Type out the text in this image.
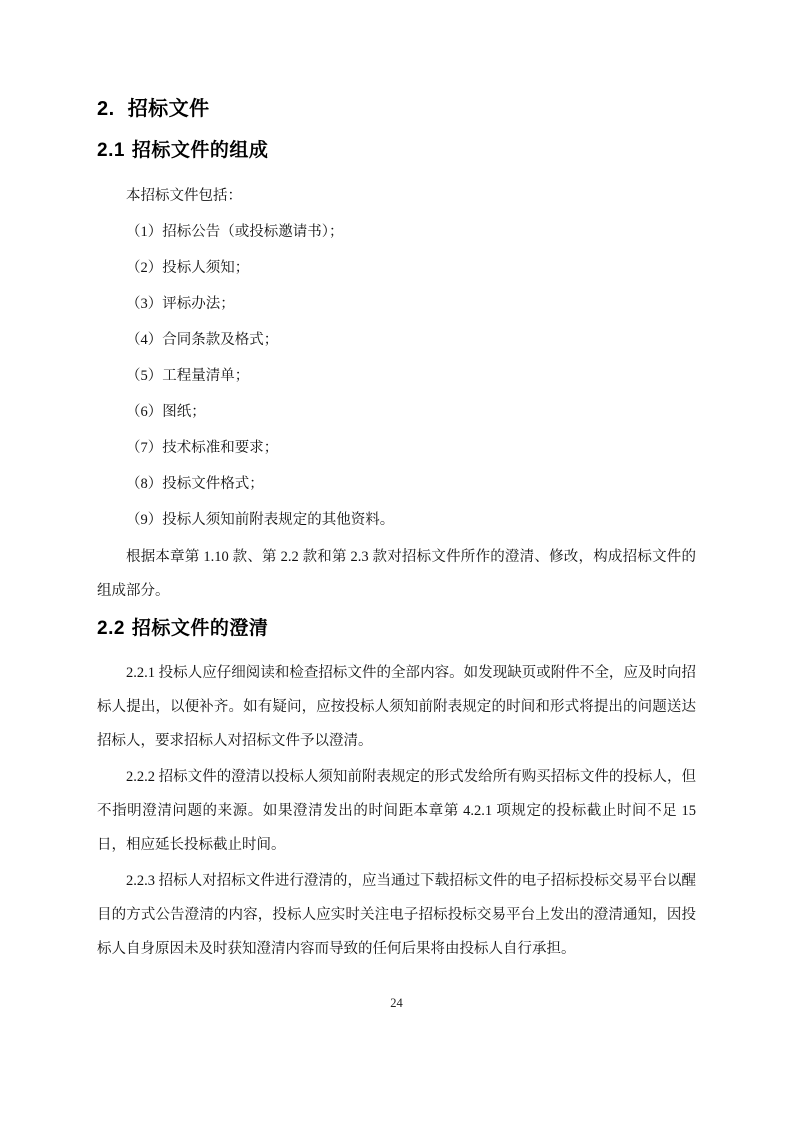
2. 招标文件
2.1 招标文件的组成

本招标文件包括：

（1）招标公告（或投标邀请书）；

（2）投标人须知；

（3）评标办法；

（4）合同条款及格式；

（5）工程量清单；

（6）图纸；

（7）技术标准和要求；

（8）投标文件格式；

（9）投标人须知前附表规定的其他资料。

根据本章第 1.10 款、第 2.2 款和第 2.3 款对招标文件所作的澄清、修改，构成招标文件的组成部分。

2.2 招标文件的澄清

2.2.1 投标人应仔细阅读和检查招标文件的全部内容。如发现缺页或附件不全，应及时向招标人提出，以便补齐。如有疑问，应按投标人须知前附表规定的时间和形式将提出的问题送达招标人，要求招标人对招标文件予以澄清。

2.2.2 招标文件的澄清以投标人须知前附表规定的形式发给所有购买招标文件的投标人，但不指明澄清问题的来源。如果澄清发出的时间距本章第 4.2.1 项规定的投标截止时间不足 15 日，相应延长投标截止时间。

2.2.3 招标人对招标文件进行澄清的，应当通过下载招标文件的电子招标投标交易平台以醒目的方式公告澄清的内容，投标人应实时关注电子招标投标交易平台上发出的澄清通知，因投标人自身原因未及时获知澄清内容而导致的任何后果将由投标人自行承担。

24
